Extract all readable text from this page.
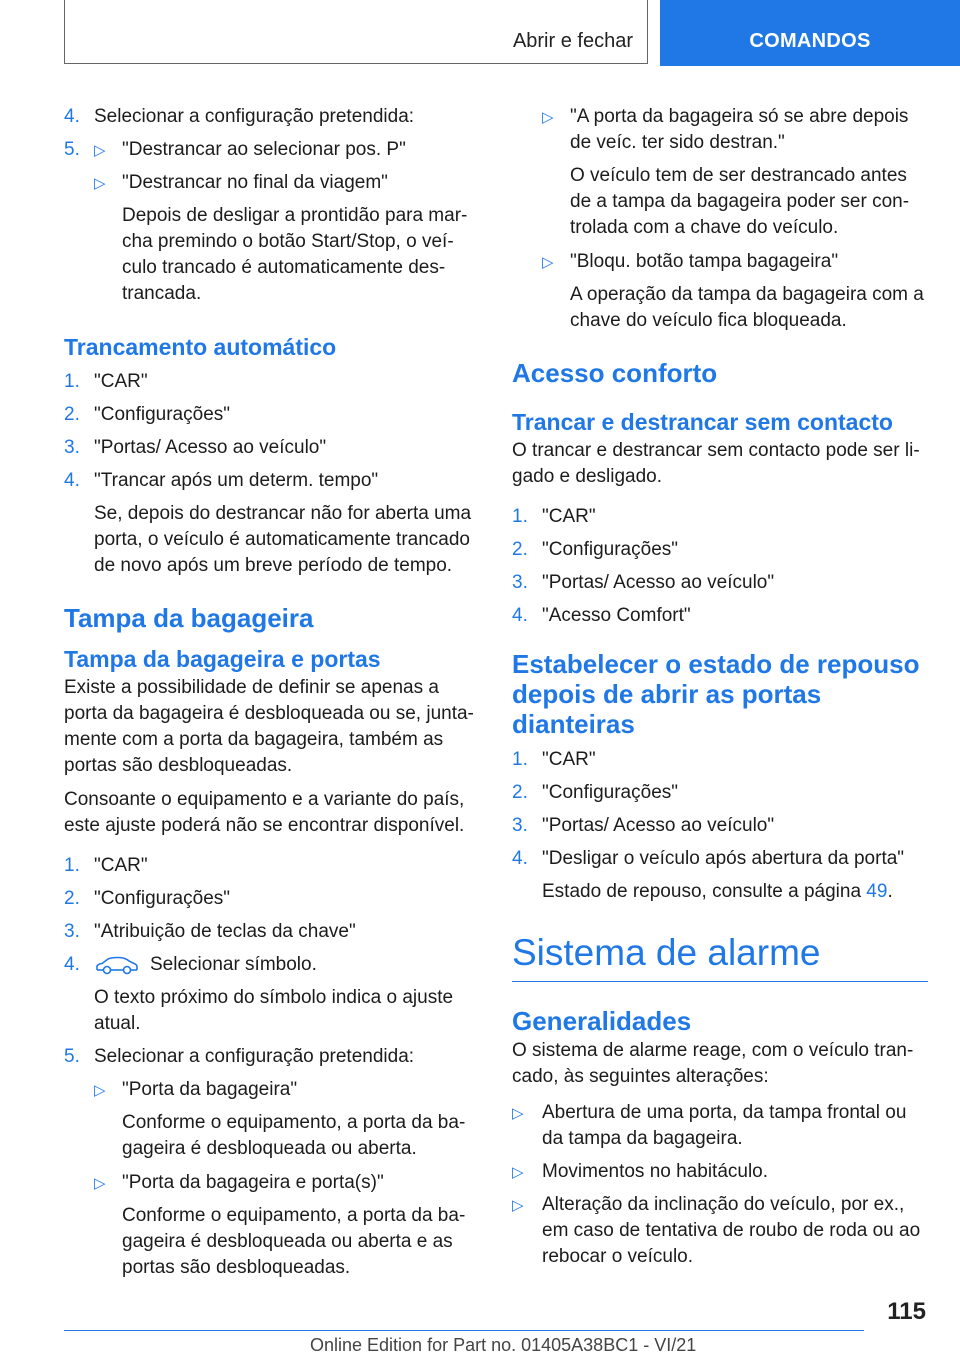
Abrir e fechar	COMANDOS
4. Selecionar a configuração pretendida:
5. ▷ "Destrancar ao selecionar pos. P"
▷ "Destrancar no final da viagem"
Depois de desligar a prontidão para marcha premindo o botão Start/Stop, o veículo trancado é automaticamente destrancada.
Trancamento automático
1. "CAR"
2. "Configurações"
3. "Portas/ Acesso ao veículo"
4. "Trancar após um determ. tempo"
Se, depois do destrancar não for aberta uma porta, o veículo é automaticamente trancado de novo após um breve período de tempo.
Tampa da bagageira
Tampa da bagageira e portas
Existe a possibilidade de definir se apenas a porta da bagageira é desbloqueada ou se, juntamente com a porta da bagageira, também as portas são desbloqueadas.
Consoante o equipamento e a variante do país, este ajuste poderá não se encontrar disponível.
1. "CAR"
2. "Configurações"
3. "Atribuição de teclas da chave"
4.	Selecionar símbolo.
O texto próximo do símbolo indica o ajuste atual.
5. Selecionar a configuração pretendida:
▷ "Porta da bagageira"
Conforme o equipamento, a porta da bagageira é desbloqueada ou aberta.
▷ "Porta da bagageira e porta(s)"
Conforme o equipamento, a porta da bagageira é desbloqueada ou aberta e as portas são desbloqueadas.
▷ "A porta da bagageira só se abre depois de veíc. ter sido destran."
O veículo tem de ser destrancado antes de a tampa da bagageira poder ser controlada com a chave do veículo.
▷ "Bloqu. botão tampa bagageira"
A operação da tampa da bagageira com a chave do veículo fica bloqueada.
Acesso conforto
Trancar e destrancar sem contacto
O trancar e destrancar sem contacto pode ser ligado e desligado.
1. "CAR"
2. "Configurações"
3. "Portas/ Acesso ao veículo"
4. "Acesso Comfort"
Estabelecer o estado de repouso depois de abrir as portas dianteiras
1. "CAR"
2. "Configurações"
3. "Portas/ Acesso ao veículo"
4. "Desligar o veículo após abertura da porta"
Estado de repouso, consulte a página 49.
Sistema de alarme
Generalidades
O sistema de alarme reage, com o veículo trancado, às seguintes alterações:
▷ Abertura de uma porta, da tampa frontal ou da tampa da bagageira.
▷ Movimentos no habitáculo.
▷ Alteração da inclinação do veículo, por ex., em caso de tentativa de roubo de roda ou ao rebocar o veículo.
115
Online Edition for Part no. 01405A38BC1 - VI/21
